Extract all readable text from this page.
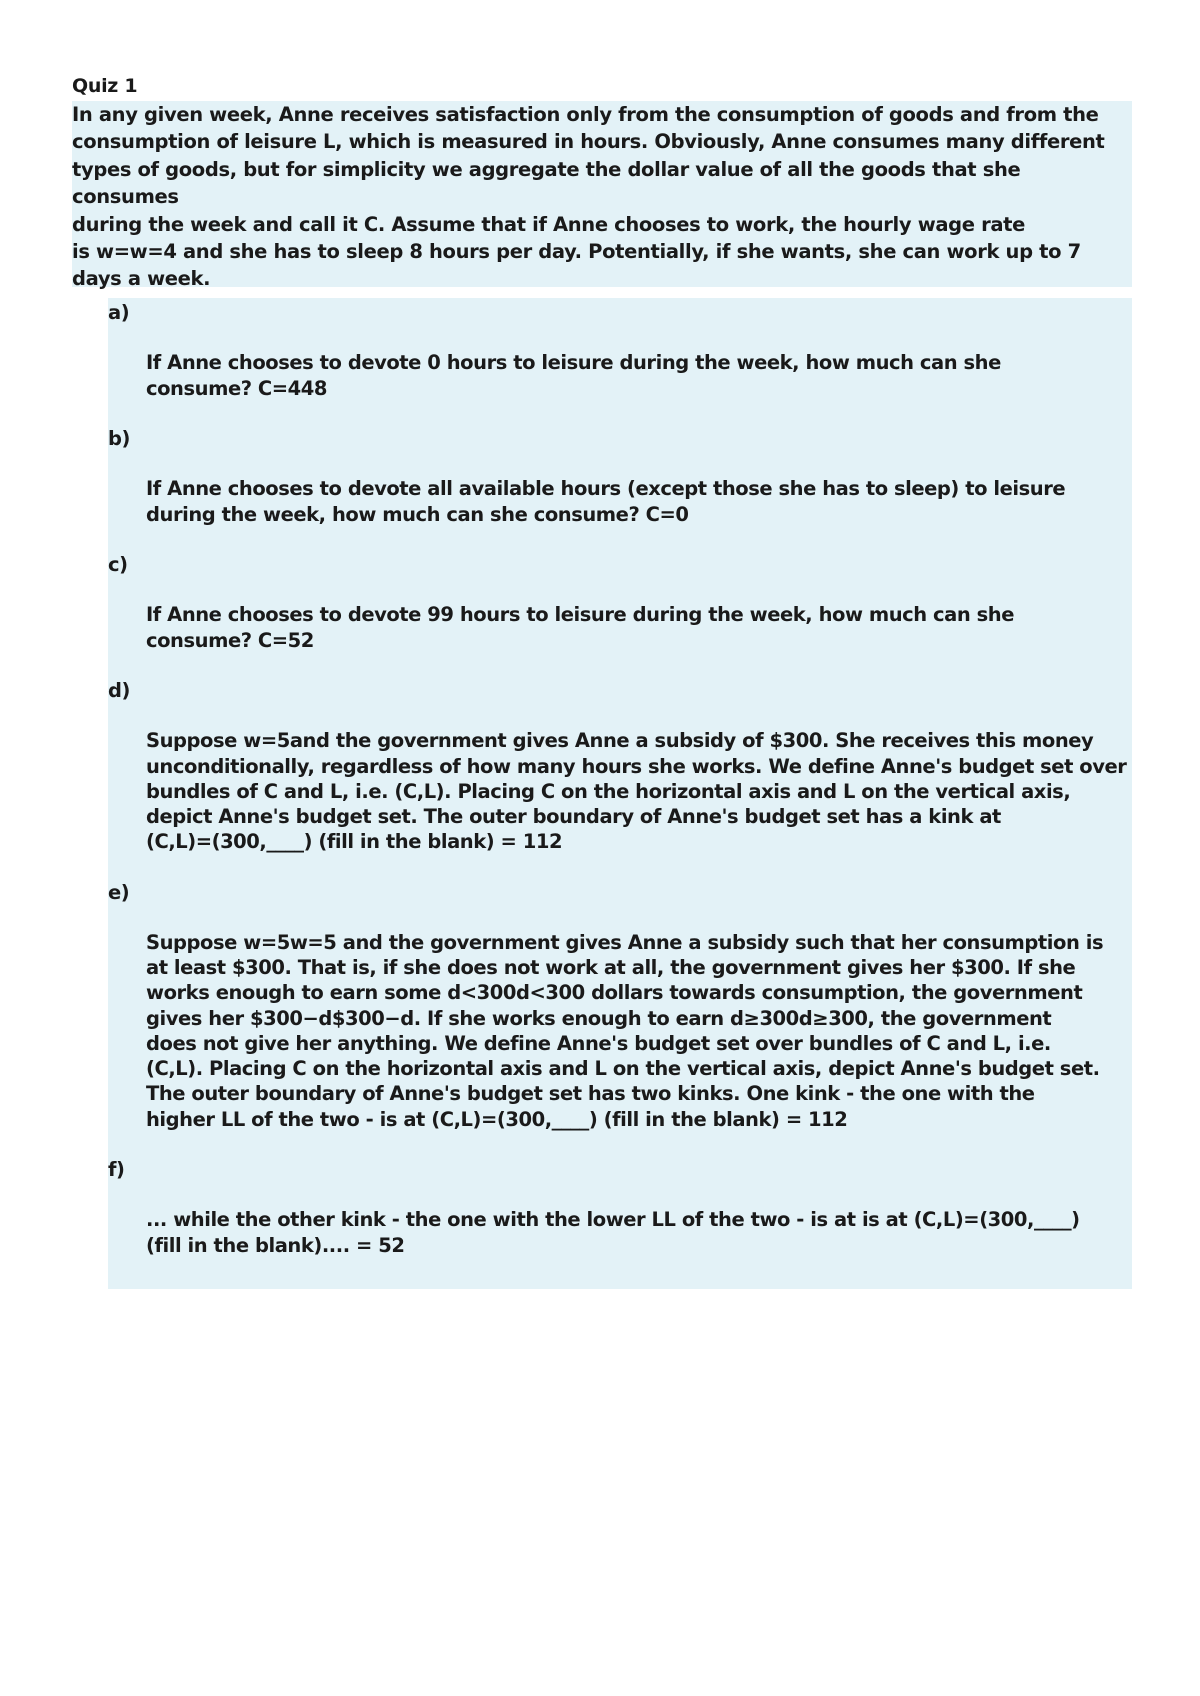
Quiz 1

In any given week, Anne receives satisfaction only from the consumption of goods and from the
consumption of leisure L, which is measured in hours. Obviously, Anne consumes many different
types of goods, but for simplicity we aggregate the dollar value of all the goods that she consumes
during the week and call it C. Assume that if Anne chooses to work, the hourly wage rate
is w=w=4 and she has to sleep 8 hours per day. Potentially, if she wants, she can work up to 7
days a week.

a)

If Anne chooses to devote 0 hours to leisure during the week, how much can she
consume? C=448

b)

If Anne chooses to devote all available hours (except those she has to sleep) to leisure
during the week, how much can she consume? C=0

c)

If Anne chooses to devote 99 hours to leisure during the week, how much can she
consume? C=52

d)

Suppose w=5and the government gives Anne a subsidy of $300. She receives this money
unconditionally, regardless of how many hours she works. We define Anne's budget set over
bundles of C and L, i.e. (C,L). Placing C on the horizontal axis and L on the vertical axis,
depict Anne's budget set. The outer boundary of Anne's budget set has a kink at
(C,L)=(300,____) (fill in the blank) = 112

e)

Suppose w=5w=5 and the government gives Anne a subsidy such that her consumption is
at least $300. That is, if she does not work at all, the government gives her $300. If she
works enough to earn some d<300d<300 dollars towards consumption, the government
gives her $300−d$300−d. If she works enough to earn d≥300d≥300, the government
does not give her anything. We define Anne's budget set over bundles of C and L, i.e.
(C,L). Placing C on the horizontal axis and L on the vertical axis, depict Anne's budget set.
The outer boundary of Anne's budget set has two kinks. One kink - the one with the
higher LL of the two - is at (C,L)=(300,____) (fill in the blank) = 112

f)

... while the other kink - the one with the lower LL of the two - is at is at (C,L)=(300,____)
(fill in the blank).... = 52
